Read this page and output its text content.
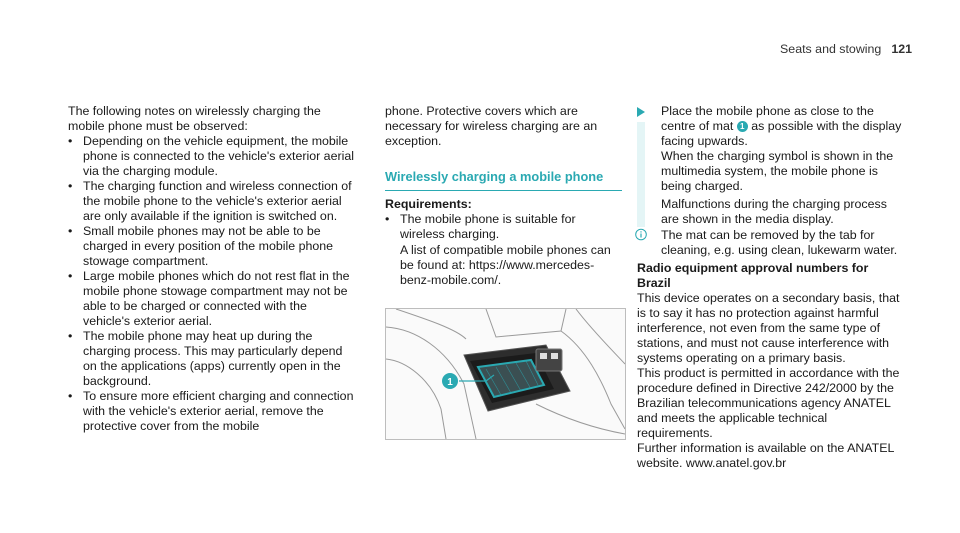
Seats and stowing 121

The following notes on wirelessly charging the mobile phone must be observed:

• Depending on the vehicle equipment, the mobile phone is connected to the vehicle's exterior aerial via the charging module.
• The charging function and wireless connection of the mobile phone to the vehicle's exterior aerial are only available if the ignition is switched on.
• Small mobile phones may not be able to be charged in every position of the mobile phone stowage compartment.
• Large mobile phones which do not rest flat in the mobile phone stowage compartment may not be able to be charged or connected with the vehicle's exterior aerial.
• The mobile phone may heat up during the charging process. This may particularly depend on the applications (apps) currently open in the background.
• To ensure more efficient charging and connection with the vehicle's exterior aerial, remove the protective cover from the mobile

phone. Protective covers which are necessary for wireless charging are an exception.

Wirelessly charging a mobile phone

Requirements:

• The mobile phone is suitable for wireless charging.

A list of compatible mobile phones can be found at: https://www.mercedes-benz-mobile.com/.

1

Place the mobile phone as close to the centre of mat 1 as possible with the display facing upwards.

When the charging symbol is shown in the multimedia system, the mobile phone is being charged.

Malfunctions during the charging process are shown in the media display.

The mat can be removed by the tab for cleaning, e.g. using clean, lukewarm water.

Radio equipment approval numbers for Brazil

This device operates on a secondary basis, that is to say it has no protection against harmful interference, not even from the same type of stations, and must not cause interference with systems operating on a primary basis.

This product is permitted in accordance with the procedure defined in Directive 242/2000 by the Brazilian telecommunications agency ANATEL and meets the applicable technical requirements.

Further information is available on the ANATEL website. www.anatel.gov.br
